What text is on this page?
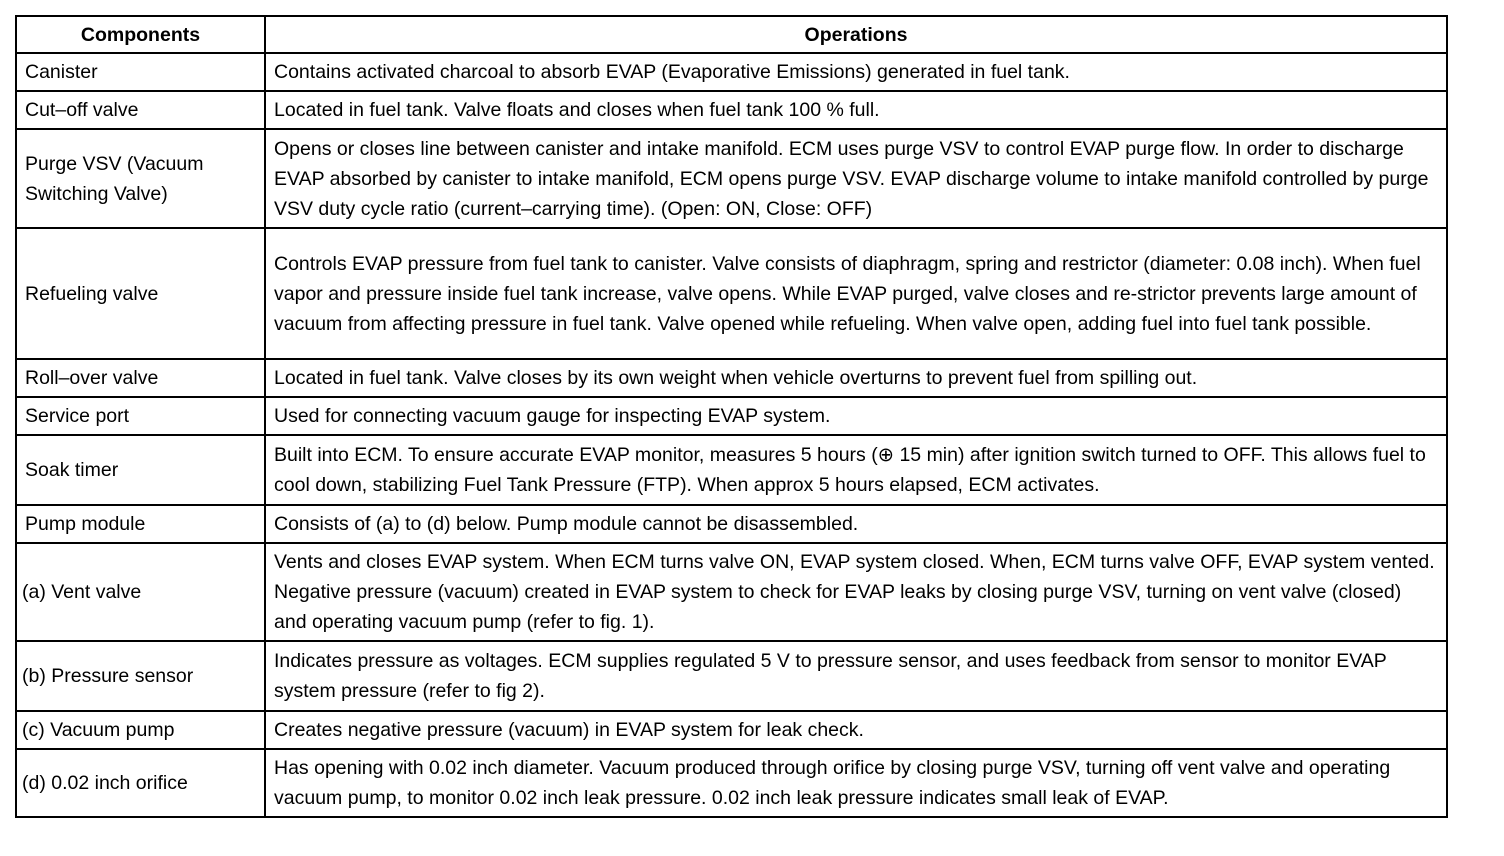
Components	Operations
Canister	Contains activated charcoal to absorb EVAP (Evaporative Emissions) generated in fuel tank.
Cut–off valve	Located in fuel tank. Valve floats and closes when fuel tank 100 % full.
Purge VSV (Vacuum Switching Valve)	Opens or closes line between canister and intake manifold. ECM uses purge VSV to control EVAP purge flow. In order to discharge EVAP absorbed by canister to intake manifold, ECM opens purge VSV. EVAP discharge volume to intake manifold controlled by purge VSV duty cycle ratio (current–carrying time). (Open: ON, Close: OFF)
Refueling valve	Controls EVAP pressure from fuel tank to canister. Valve consists of diaphragm, spring and restrictor (diameter: 0.08 inch). When fuel vapor and pressure inside fuel tank increase, valve opens. While EVAP purged, valve closes and re-strictor prevents large amount of vacuum from affecting pressure in fuel tank. Valve opened while refueling. When valve open, adding fuel into fuel tank possible.
Roll–over valve	Located in fuel tank. Valve closes by its own weight when vehicle overturns to prevent fuel from spilling out.
Service port	Used for connecting vacuum gauge for inspecting EVAP system.
Soak timer	Built into ECM. To ensure accurate EVAP monitor, measures 5 hours (⊕ 15 min) after ignition switch turned to OFF. This allows fuel to cool down, stabilizing Fuel Tank Pressure (FTP). When approx 5 hours elapsed, ECM activates.
Pump module	Consists of (a) to (d) below. Pump module cannot be disassembled.
(a) Vent valve	Vents and closes EVAP system. When ECM turns valve ON, EVAP system closed. When, ECM turns valve OFF, EVAP system vented. Negative pressure (vacuum) created in EVAP system to check for EVAP leaks by closing purge VSV, turning on vent valve (closed) and operating vacuum pump (refer to fig. 1).
(b) Pressure sensor	Indicates pressure as voltages. ECM supplies regulated 5 V to pressure sensor, and uses feedback from sensor to monitor EVAP system pressure (refer to fig 2).
(c) Vacuum pump	Creates negative pressure (vacuum) in EVAP system for leak check.
(d) 0.02 inch orifice	Has opening with 0.02 inch diameter. Vacuum produced through orifice by closing purge VSV, turning off vent valve and operating vacuum pump, to monitor 0.02 inch leak pressure. 0.02 inch leak pressure indicates small leak of EVAP.
